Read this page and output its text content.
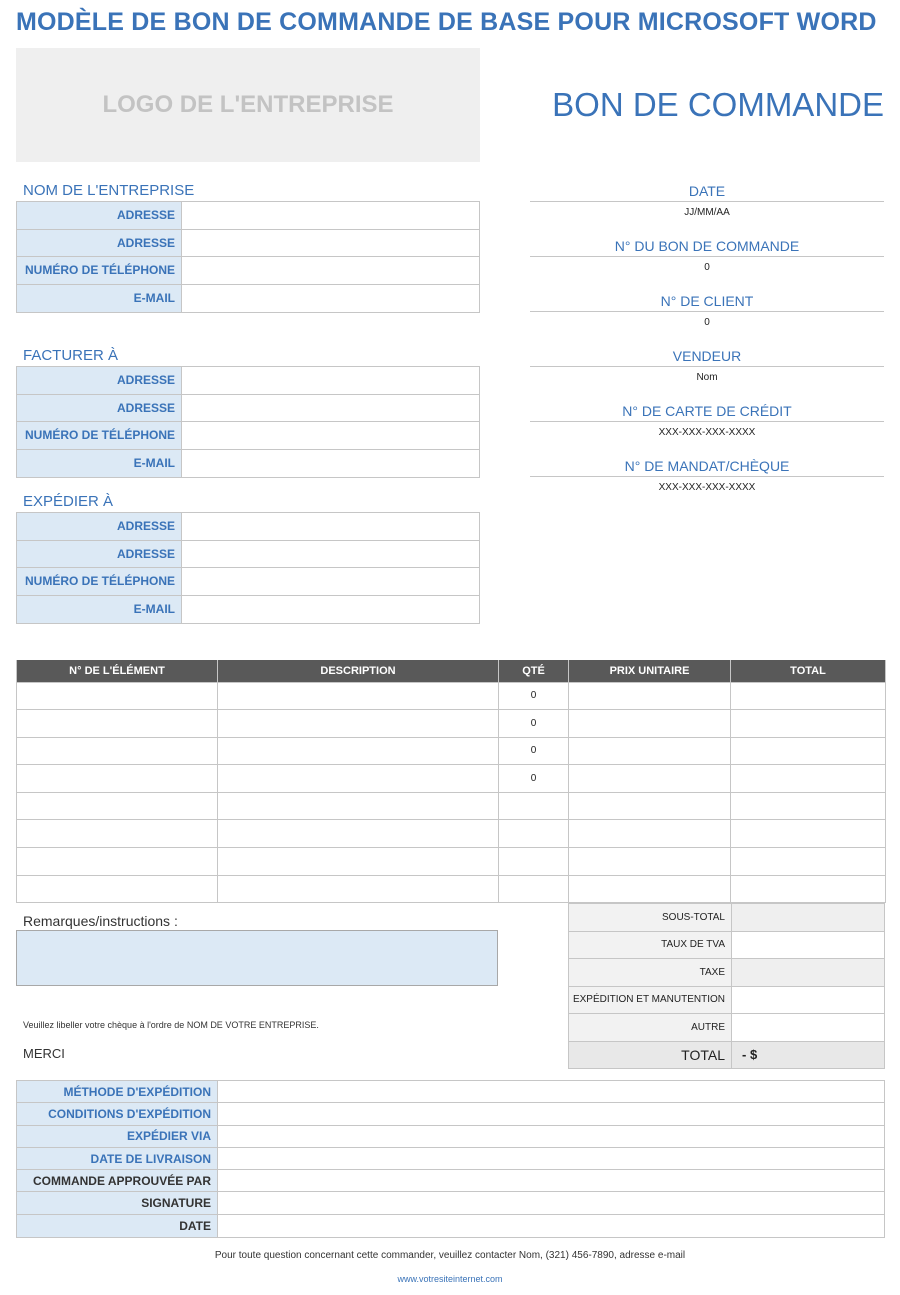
MODÈLE DE BON DE COMMANDE DE BASE POUR MICROSOFT WORD
LOGO DE L'ENTREPRISE	BON DE COMMANDE
NOM DE L'ENTREPRISE
ADRESSE
ADRESSE
NUMÉRO DE TÉLÉPHONE
E-MAIL
FACTURER À
ADRESSE
ADRESSE
NUMÉRO DE TÉLÉPHONE
E-MAIL
EXPÉDIER À
ADRESSE
ADRESSE
NUMÉRO DE TÉLÉPHONE
E-MAIL
DATE
JJ/MM/AA
N° DU BON DE COMMANDE
0
N° DE CLIENT
0
VENDEUR
Nom
N° DE CARTE DE CRÉDIT
XXX-XXX-XXX-XXXX
N° DE MANDAT/CHÈQUE
XXX-XXX-XXX-XXXX
N° DE L'ÉLÉMENT	DESCRIPTION	QTÉ	PRIX UNITAIRE	TOTAL
		0		
		0		
		0		
		0		

Remarques/instructions :	SOUS-TOTAL	
TAUX DE TVA	
TAXE	
EXPÉDITION ET MANUTENTION	
AUTRE	
TOTAL	- $
Veuillez libeller votre chèque à l'ordre de NOM DE VOTRE ENTREPRISE.
MERCI
MÉTHODE D'EXPÉDITION
CONDITIONS D'EXPÉDITION
EXPÉDIER VIA
DATE DE LIVRAISON
COMMANDE APPROUVÉE PAR
SIGNATURE
DATE
Pour toute question concernant cette commander, veuillez contacter Nom, (321) 456-7890, adresse e-mail
www.votresiteinternet.com
